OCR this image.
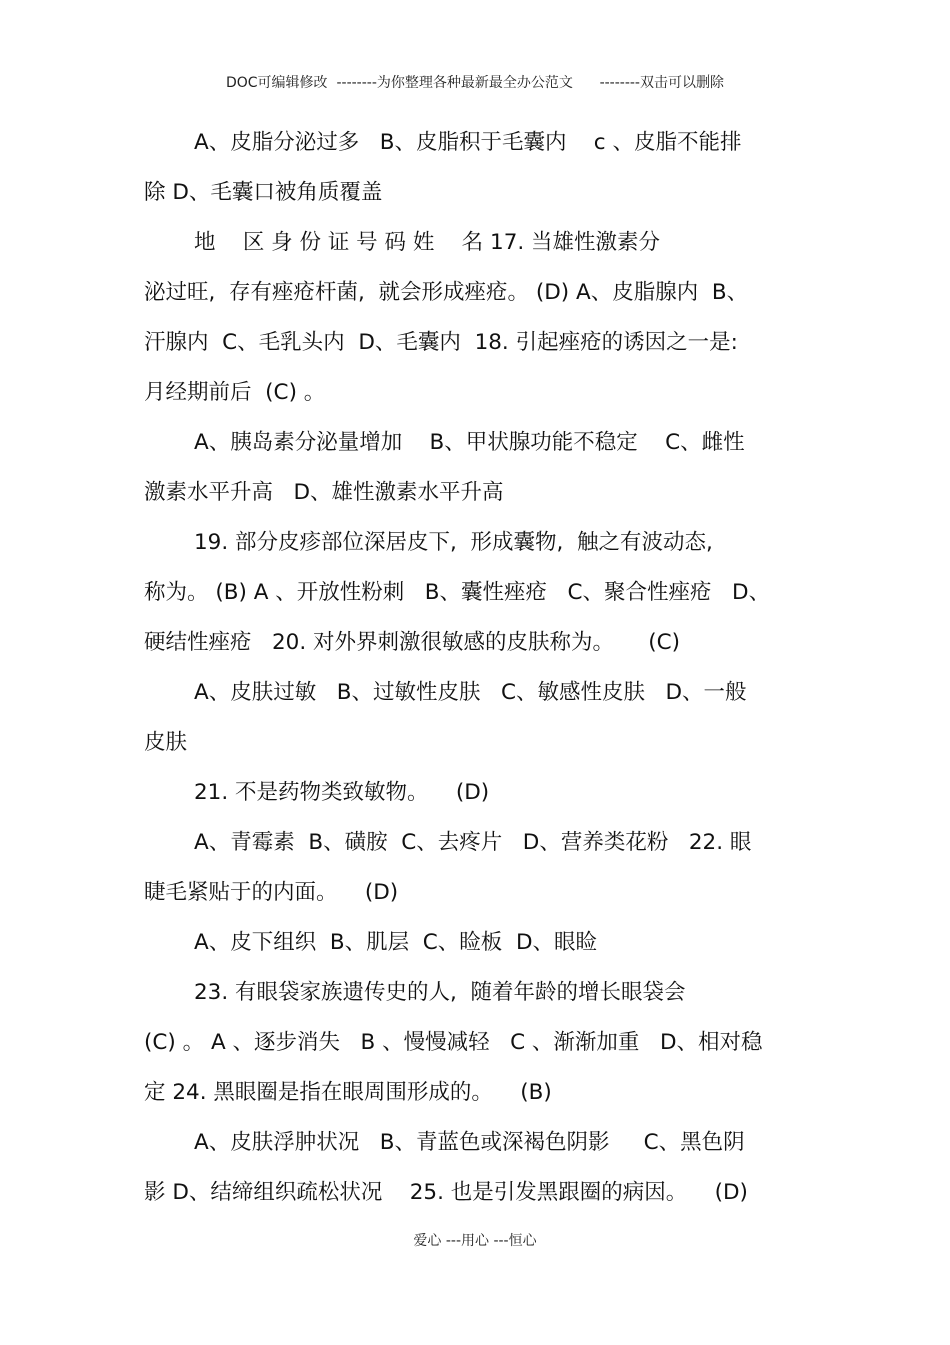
DOC可编辑修改  --------为你整理各种最新最全办公范文      --------双击可以删除
A、皮脂分泌过多   B、皮脂积于毛囊内    c 、皮脂不能排
除 D、毛囊口被角质覆盖
地    区 身 份 证 号 码 姓    名 17. 当雄性激素分
泌过旺,  存有痤疮杆菌,  就会形成痤疮。 (D) A、皮脂腺内  B、
汗腺内  C、毛乳头内  D、毛囊内  18. 引起痤疮的诱因之一是:
月经期前后  (C) 。
A、胰岛素分泌量增加    B、甲状腺功能不稳定    C、雌性
激素水平升高   D、雄性激素水平升高
19. 部分皮疹部位深居皮下,  形成囊物,  触之有波动态,
称为。 (B) A 、开放性粉刺   B、囊性痤疮   C、聚合性痤疮   D、
硬结性痤疮   20. 对外界刺激很敏感的皮肤称为。     (C)
A、皮肤过敏   B、过敏性皮肤   C、敏感性皮肤   D、一般
皮肤
21. 不是药物类致敏物。    (D)
A、青霉素  B、磺胺  C、去疼片   D、营养类花粉   22. 眼
睫毛紧贴于的内面。    (D)
A、皮下组织  B、肌层  C、睑板  D、眼睑
23. 有眼袋家族遗传史的人,  随着年龄的增长眼袋会
(C) 。 A 、逐步消失   B 、慢慢减轻   C 、渐渐加重   D、相对稳
定 24. 黑眼圈是指在眼周围形成的。    (B)
A、皮肤浮肿状况   B、青蓝色或深褐色阴影     C、黑色阴
影 D、结缔组织疏松状况    25. 也是引发黑跟圈的病因。    (D)
爱心 ---用心 ---恒心
